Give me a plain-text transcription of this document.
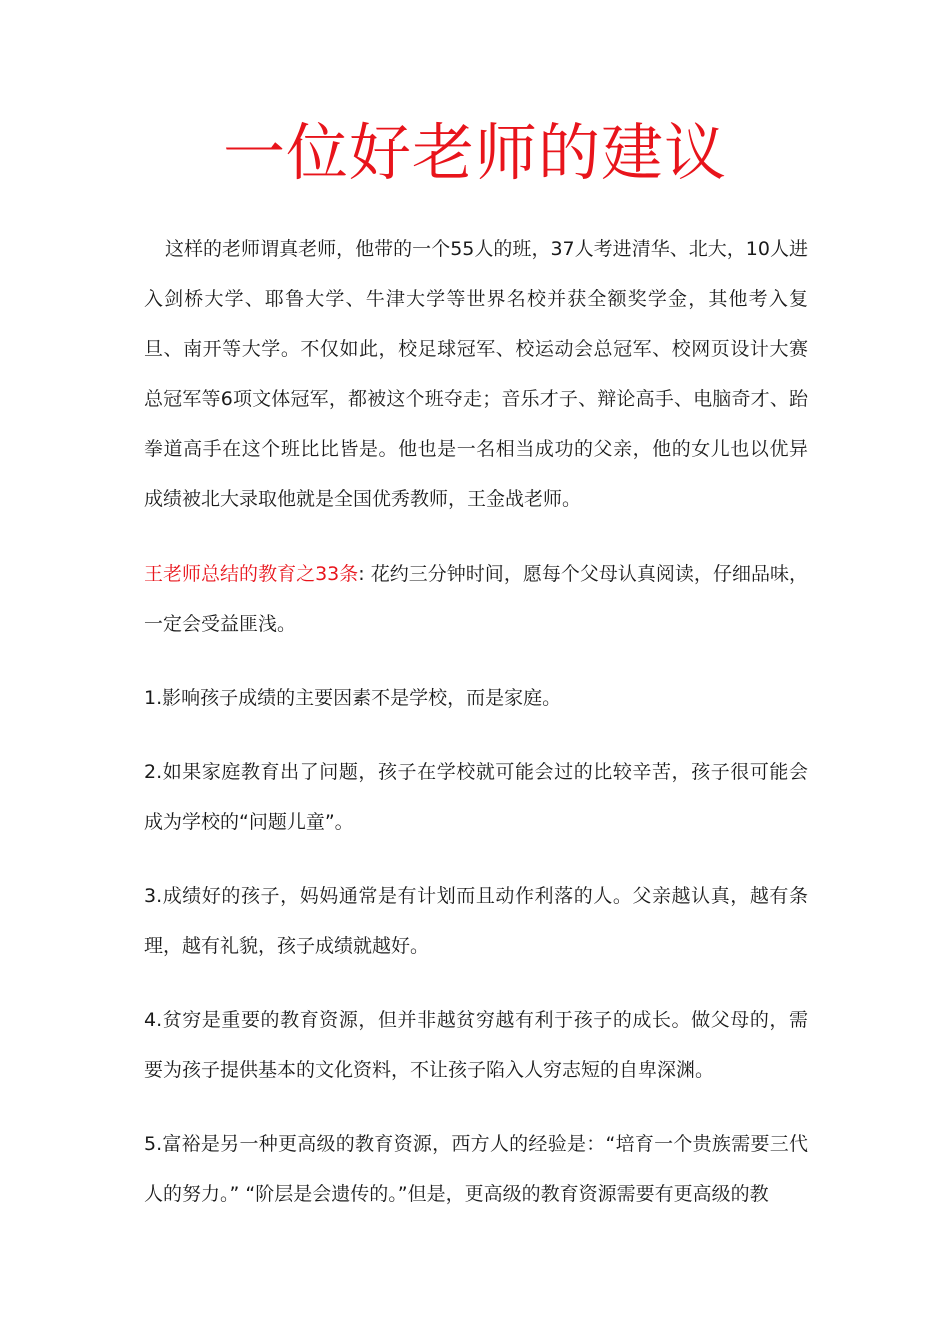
一位好老师的建议

这样的老师谓真老师，他带的一个55人的班，37人考进清华、北大，10人进入剑桥大学、耶鲁大学、牛津大学等世界名校并获全额奖学金，其他考入复旦、南开等大学。不仅如此，校足球冠军、校运动会总冠军、校网页设计大赛总冠军等6项文体冠军，都被这个班夺走；音乐才子、辩论高手、电脑奇才、跆拳道高手在这个班比比皆是。他也是一名相当成功的父亲，他的女儿也以优异成绩被北大录取他就是全国优秀教师，王金战老师。

王老师总结的教育之33条: 花约三分钟时间，愿每个父母认真阅读，仔细品味，一定会受益匪浅。

1.影响孩子成绩的主要因素不是学校，而是家庭。

2.如果家庭教育出了问题，孩子在学校就可能会过的比较辛苦，孩子很可能会成为学校的“问题儿童”。

3.成绩好的孩子，妈妈通常是有计划而且动作利落的人。父亲越认真，越有条理，越有礼貌，孩子成绩就越好。

4.贫穷是重要的教育资源，但并非越贫穷越有利于孩子的成长。做父母的，需要为孩子提供基本的文化资料，不让孩子陷入人穷志短的自卑深渊。

5.富裕是另一种更高级的教育资源，西方人的经验是：“培育一个贵族需要三代人的努力。” “阶层是会遗传的。”但是，更高级的教育资源需要有更高级的教
